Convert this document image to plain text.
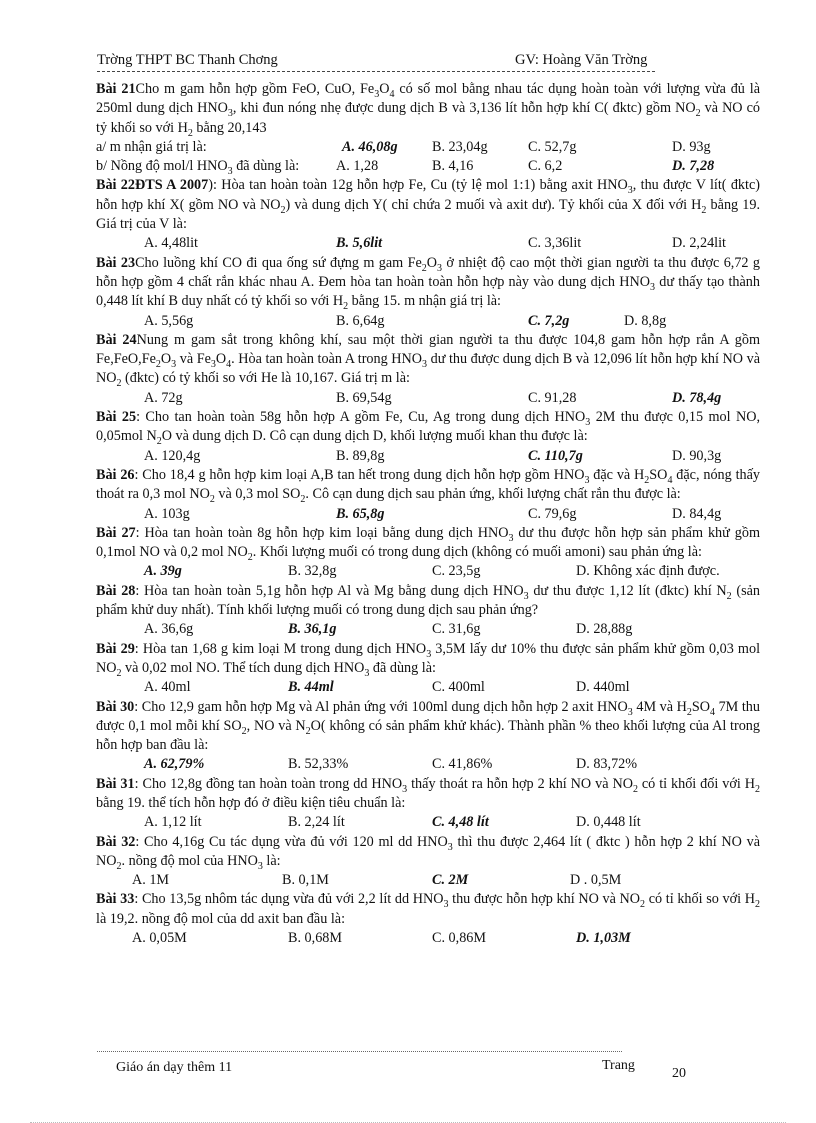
Trờng THPT BC Thanh Chơng	GV: Hoàng Văn Trờng
Bài 21Cho m gam hỗn hợp gồm FeO, CuO, $Fe_3O_4$ có số mol bằng nhau tác dụng hoàn toàn với lượng vừa đủ là 250ml dung dịch $HNO_3$, khi đun nóng nhẹ được dung dịch B và 3,136 lít hỗn hợp khí C( đktc) gồm $NO_2$ và NO có tỷ khối so với $H_2$ bằng 20,143
a/ m nhận giá trị là:	A. 46,08g B. 23,04g	C. 52,7g	D. 93g
b/ Nồng độ mol/l $HNO_3$ đã dùng là:	A. 1,28	B. 4,16	C. 6,2	D. 7,28
Bài 22ĐTS A 2007): Hòa tan hoàn toàn 12g hỗn hợp Fe, Cu (tỷ lệ mol 1:1) bằng axit $HNO_3$, thu được V lít( đktc) hỗn hợp khí X( gồm NO và $NO_2$) và dung dịch Y( chỉ chứa 2 muối và axit dư). Tỷ khối của X đối với $H_2$ bằng 19. Giá trị của V là:
A. 4,48lit	B. 5,6lit	C. 3,36lit	D. 2,24lit
Bài 23Cho luồng khí CO đi qua ống sứ đựng m gam $Fe_2O_3$ ở nhiệt độ cao một thời gian người ta thu được 6,72 g hỗn hợp gồm 4 chất rắn khác nhau A. Đem hòa tan hoàn toàn hỗn hợp này vào dung dịch $HNO_3$ dư thấy tạo thành 0,448 lít khí B duy nhất có tỷ khối so với $H_2$ bằng 15. m nhận giá trị là:
A. 5,56g	B. 6,64g	C. 7,2g	D. 8,8g
Bài 24Nung m gam sắt trong không khí, sau một thời gian người ta thu được 104,8 gam hỗn hợp rắn A gồm $Fe,FeO,Fe_2O_3$ và $Fe_3O_4$. Hòa tan hoàn toàn A trong $HNO_3$ dư thu được dung dịch B và 12,096 lít hỗn hợp khí NO và $NO_2$ (đktc) có tỷ khối so với He là 10,167. Giá trị m là:
A. 72g	B. 69,54g	C. 91,28	D. 78,4g
Bài 25: Cho tan hoàn toàn 58g hỗn hợp A gồm Fe, Cu, Ag trong dung dịch $HNO_3$ 2M thu được 0,15 mol NO, 0,05mol $N_2O$ và dung dịch D. Cô cạn dung dịch D, khối lượng muối khan thu được là:
A. 120,4g	B. 89,8g	C. 110,7g	D. 90,3g
Bài 26: Cho 18,4 g hỗn hợp kim loại A,B tan hết trong dung dịch hỗn hợp gồm $HNO_3$ đặc và $H_2SO_4$ đặc, nóng thấy thoát ra 0,3 mol $NO_2$ và 0,3 mol $SO_2$. Cô cạn dung dịch sau phản ứng, khối lượng chất rắn thu được là:
A. 103g	B. 65,8g	C. 79,6g	D. 84,4g
Bài 27: Hòa tan hoàn toàn 8g hỗn hợp kim loại bằng dung dịch $HNO_3$ dư thu được hỗn hợp sản phẩm khử gồm 0,1mol NO và 0,2 mol $NO_2$. Khối lượng muối có trong dung dịch (không có muối amoni) sau phản ứng là:
A. 39g	B. 32,8g	C. 23,5g	D. Không xác định được.
Bài 28: Hòa tan hoàn toàn 5,1g hỗn hợp Al và Mg bằng dung dịch $HNO_3$ dư thu được 1,12 lít (đktc) khí $N_2$ (sản phẩm khử duy nhất). Tính khối lượng muối có trong dung dịch sau phản ứng?
A. 36,6g	B. 36,1g	C. 31,6g	D. 28,88g
Bài 29: Hòa tan 1,68 g kim loại M trong dung dịch $HNO_3$ 3,5M lấy dư 10% thu được sản phẩm khử gồm 0,03 mol $NO_2$ và 0,02 mol NO. Thể tích dung dịch $HNO_3$ đã dùng là:
A. 40ml	B. 44ml	C. 400ml	D. 440ml
Bài 30: Cho 12,9 gam hỗn hợp Mg và Al phản ứng với 100ml dung dịch hỗn hợp 2 axit $HNO_3$ 4M và $H_2SO_4$ 7M thu được 0,1 mol mỗi khí $SO_2$, NO và $N_2O$( không có sản phẩm khử khác). Thành phần % theo khối lượng của Al trong hỗn hợp ban đầu là:
A. 62,79%	B. 52,33%	C. 41,86%	D. 83,72%
Bài 31: Cho 12,8g đồng tan hoàn toàn trong dd $HNO_3$ thấy thoát ra hỗn hợp 2 khí NO và $NO_2$ có tỉ khối đối với $H_2$ bằng 19. thể tích hỗn hợp đó ở điều kiện tiêu chuẩn là:
A. 1,12 lít	B. 2,24 lít	C. 4,48 lít	D. 0,448 lít
Bài 32: Cho 4,16g Cu tác dụng vừa đủ với 120 ml dd $HNO_3$ thì thu được 2,464 lít ( đktc ) hỗn hợp 2 khí NO và $NO_2$. nồng độ mol của $HNO_3$ là:
A. 1M	B. 0,1M	C. 2M	D . 0,5M
Bài 33: Cho 13,5g nhôm tác dụng vừa đủ với 2,2 lít dd $HNO_3$ thu được hỗn hợp khí NO và $NO_2$ có tỉ khối so với $H_2$ là 19,2. nồng độ mol của dd axit ban đầu là:
A. 0,05M	B. 0,68M	C. 0,86M	D. 1,03M
Giáo án dạy thêm 11	Trang
20
